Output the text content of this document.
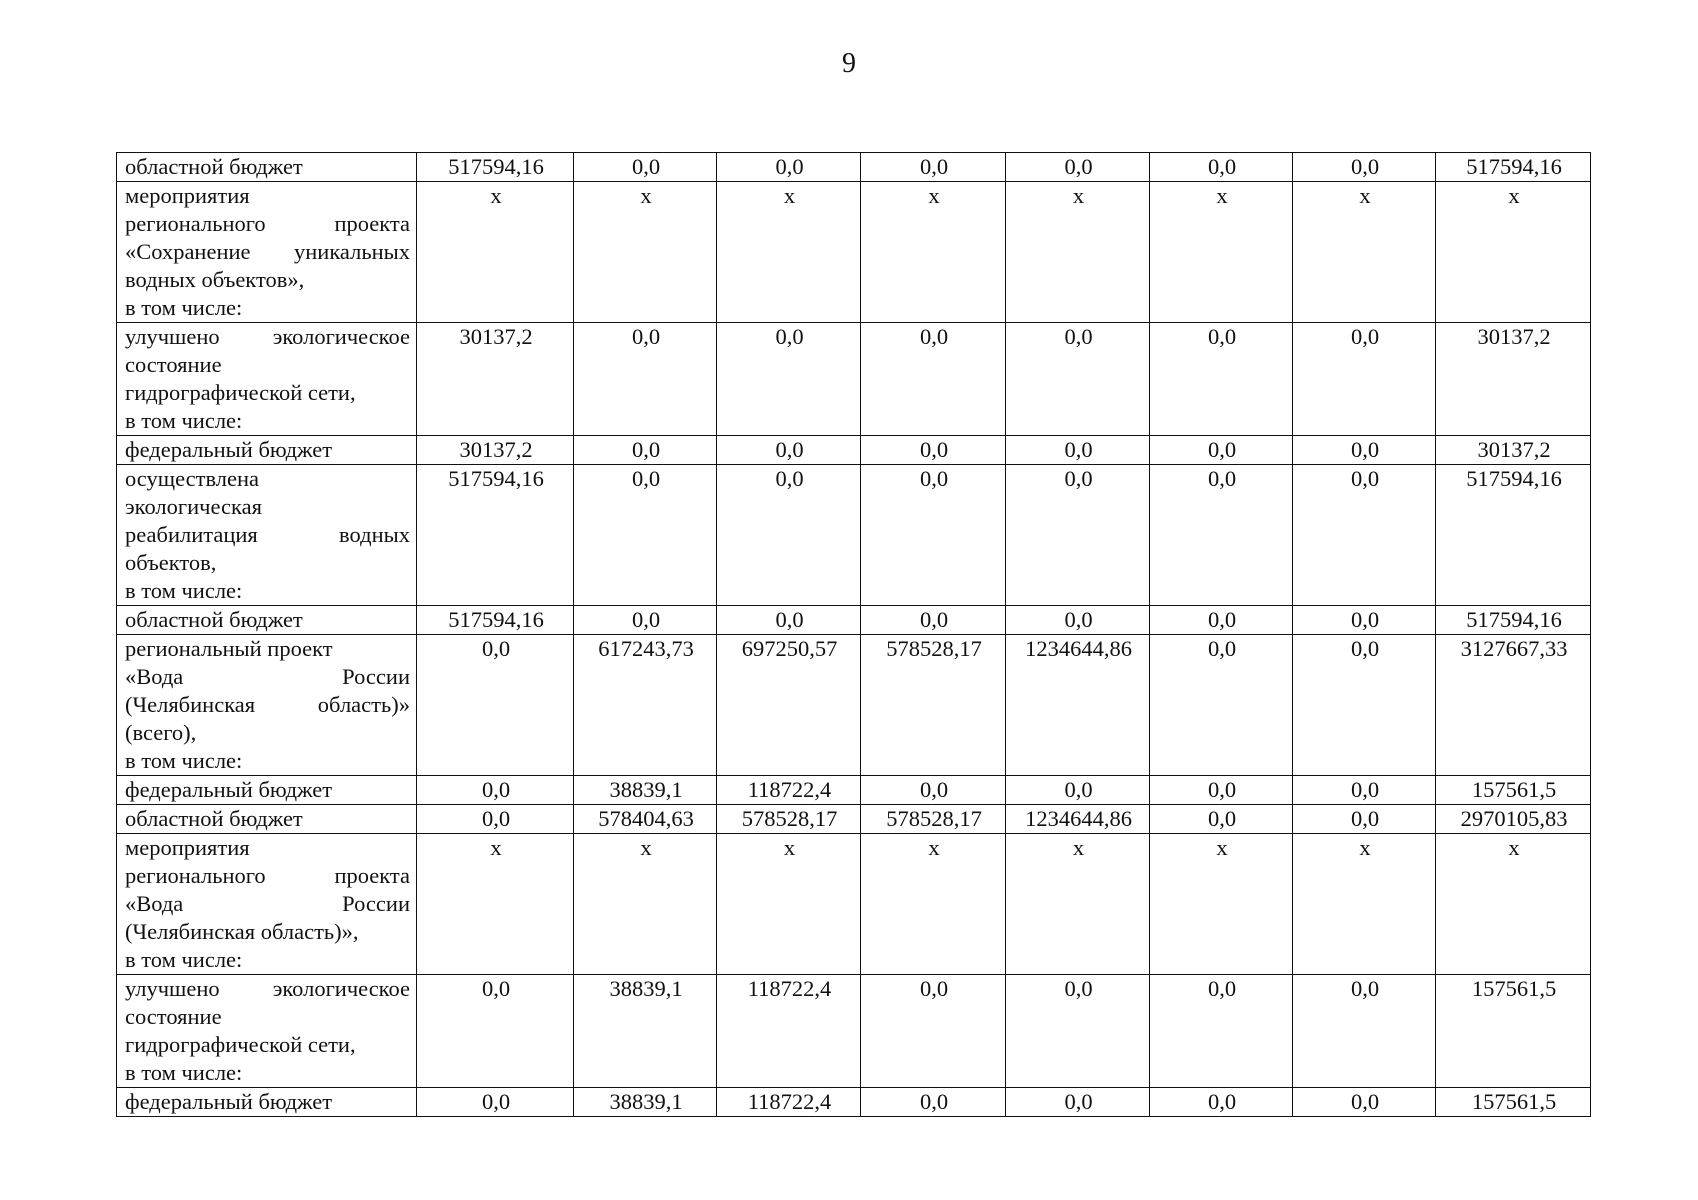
9
областной бюджет	517594,16	0,0	0,0	0,0	0,0	0,0	0,0	517594,16

мероприятия
регионального проекта
«Сохранение уникальных
водных объектов»,
в том числе:	x	x	x	x	x	x	x	x

улучшено экологическое
состояние
гидрографической сети,
в том числе:	30137,2	0,0	0,0	0,0	0,0	0,0	0,0	30137,2

федеральный бюджет	30137,2	0,0	0,0	0,0	0,0	0,0	0,0	30137,2

осуществлена
экологическая
реабилитация водных
объектов,
в том числе:	517594,16	0,0	0,0	0,0	0,0	0,0	0,0	517594,16

областной бюджет	517594,16	0,0	0,0	0,0	0,0	0,0	0,0	517594,16

региональный проект
«Вода России
(Челябинская область)»
(всего),
в том числе:	0,0	617243,73	697250,57	578528,17	1234644,86	0,0	0,0	3127667,33

федеральный бюджет	0,0	38839,1	118722,4	0,0	0,0	0,0	0,0	157561,5

областной бюджет	0,0	578404,63	578528,17	578528,17	1234644,86	0,0	0,0	2970105,83

мероприятия
регионального проекта
«Вода России
(Челябинская область)»,
в том числе:	x	x	x	x	x	x	x	x

улучшено экологическое
состояние
гидрографической сети,
в том числе:	0,0	38839,1	118722,4	0,0	0,0	0,0	0,0	157561,5

федеральный бюджет	0,0	38839,1	118722,4	0,0	0,0	0,0	0,0	157561,5
